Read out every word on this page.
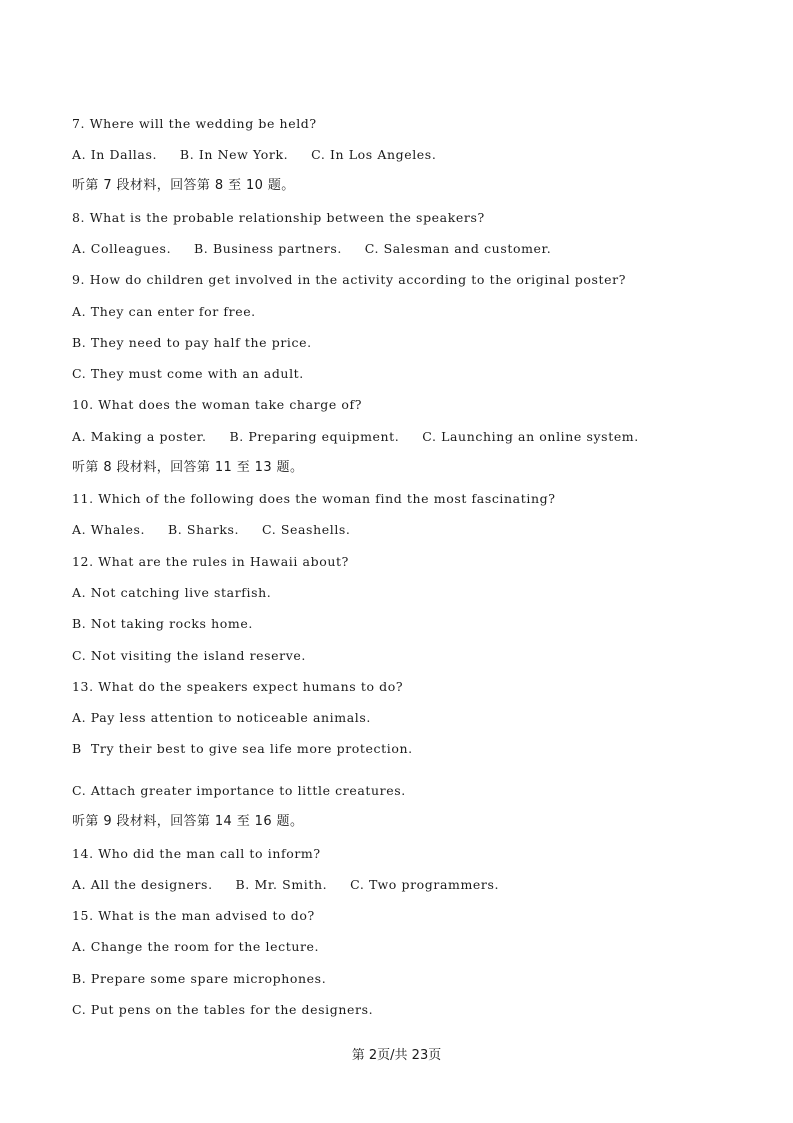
7. Where will the wedding be held?
A. In Dallas.     B. In New York.     C. In Los Angeles.
听第 7 段材料，回答第 8 至 10 题。
8. What is the probable relationship between the speakers?
A. Colleagues.     B. Business partners.     C. Salesman and customer.
9. How do children get involved in the activity according to the original poster?
A. They can enter for free.
B. They need to pay half the price.
C. They must come with an adult.
10. What does the woman take charge of?
A. Making a poster.     B. Preparing equipment.     C. Launching an online system.
听第 8 段材料，回答第 11 至 13 题。
11. Which of the following does the woman find the most fascinating?
A. Whales.     B. Sharks.     C. Seashells.
12. What are the rules in Hawaii about?
A. Not catching live starfish.
B. Not taking rocks home.
C. Not visiting the island reserve.
13. What do the speakers expect humans to do?
A. Pay less attention to noticeable animals.
B  Try their best to give sea life more protection.
C. Attach greater importance to little creatures.
听第 9 段材料，回答第 14 至 16 题。
14. Who did the man call to inform?
A. All the designers.     B. Mr. Smith.     C. Two programmers.
15. What is the man advised to do?
A. Change the room for the lecture.
B. Prepare some spare microphones.
C. Put pens on the tables for the designers.
第 2页/共 23页
